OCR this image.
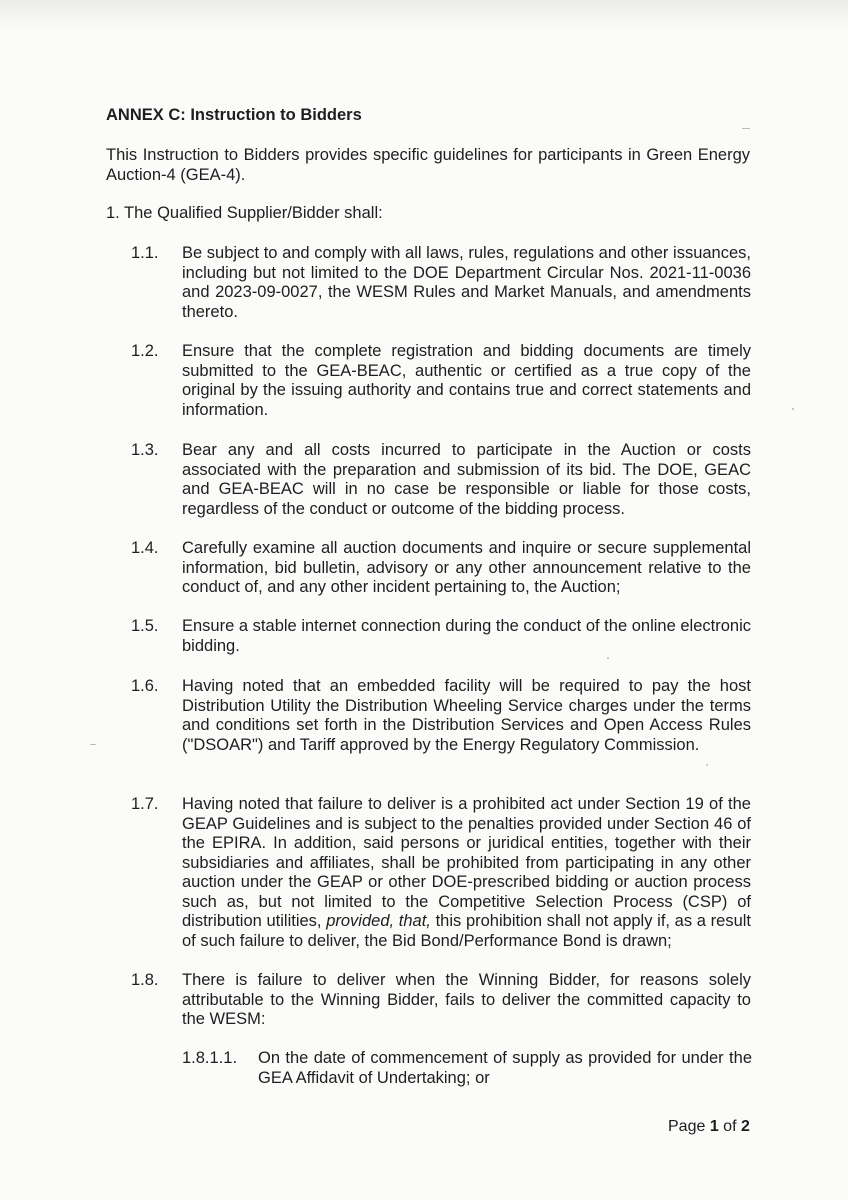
ANNEX C: Instruction to Bidders
This Instruction to Bidders provides specific guidelines for participants in Green Energy Auction-4 (GEA-4).
1. The Qualified Supplier/Bidder shall:
1.1. Be subject to and comply with all laws, rules, regulations and other issuances, including but not limited to the DOE Department Circular Nos. 2021-11-0036 and 2023-09-0027, the WESM Rules and Market Manuals, and amendments thereto.
1.2. Ensure that the complete registration and bidding documents are timely submitted to the GEA-BEAC, authentic or certified as a true copy of the original by the issuing authority and contains true and correct statements and information.
1.3. Bear any and all costs incurred to participate in the Auction or costs associated with the preparation and submission of its bid. The DOE, GEAC and GEA-BEAC will in no case be responsible or liable for those costs, regardless of the conduct or outcome of the bidding process.
1.4. Carefully examine all auction documents and inquire or secure supplemental information, bid bulletin, advisory or any other announcement relative to the conduct of, and any other incident pertaining to, the Auction;
1.5. Ensure a stable internet connection during the conduct of the online electronic bidding.
1.6. Having noted that an embedded facility will be required to pay the host Distribution Utility the Distribution Wheeling Service charges under the terms and conditions set forth in the Distribution Services and Open Access Rules ("DSOAR") and Tariff approved by the Energy Regulatory Commission.
1.7. Having noted that failure to deliver is a prohibited act under Section 19 of the GEAP Guidelines and is subject to the penalties provided under Section 46 of the EPIRA. In addition, said persons or juridical entities, together with their subsidiaries and affiliates, shall be prohibited from participating in any other auction under the GEAP or other DOE-prescribed bidding or auction process such as, but not limited to the Competitive Selection Process (CSP) of distribution utilities, provided, that, this prohibition shall not apply if, as a result of such failure to deliver, the Bid Bond/Performance Bond is drawn;
1.8. There is failure to deliver when the Winning Bidder, for reasons solely attributable to the Winning Bidder, fails to deliver the committed capacity to the WESM:
1.8.1.1. On the date of commencement of supply as provided for under the GEA Affidavit of Undertaking; or
Page 1 of 2
